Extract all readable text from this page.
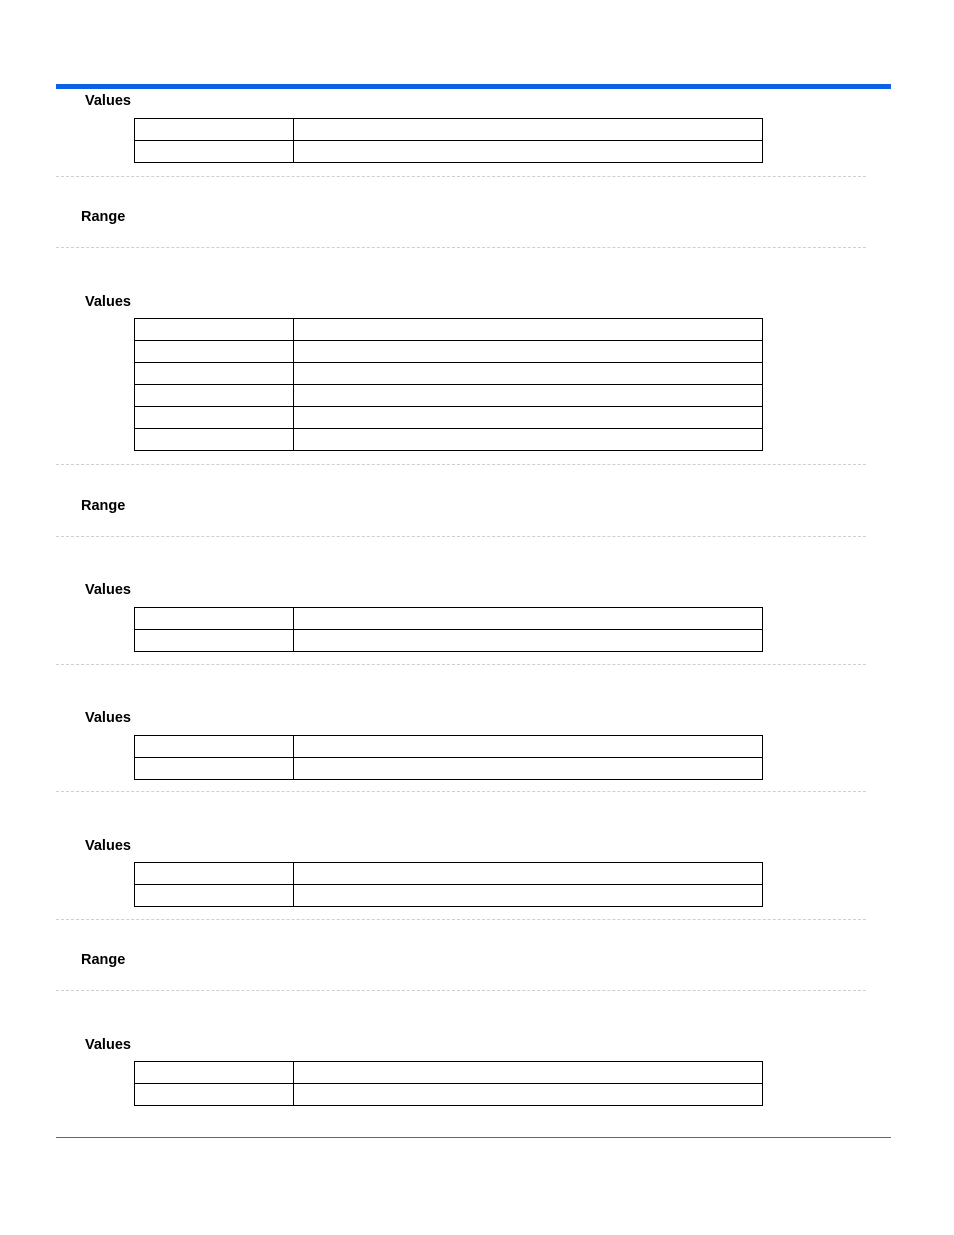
Values

Range
Values

Range
Values

Values

Values

Range
Values
